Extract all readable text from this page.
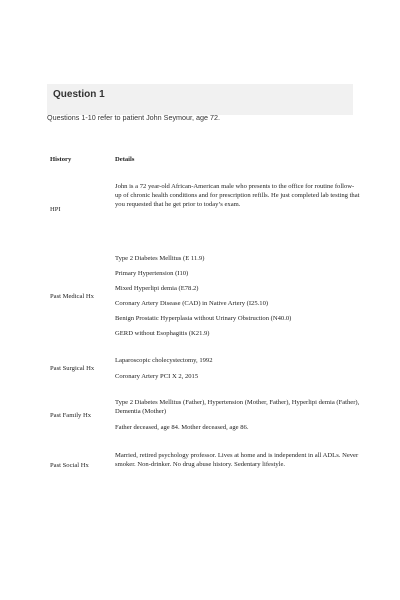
Question 1
Questions 1-10 refer to patient John Seymour, age 72.
History	Details
HPI
John is a 72 year-old African-American male who presents to the office for routine follow-up of chronic health conditions and for prescription refills. He just completed lab testing that you requested that he get prior to today’s exam.
Past Medical Hx
Type 2 Diabetes Mellitus (E 11.9)
Primary Hypertension (I10)
Mixed Hyperlipi demia (E78.2)
Coronary Artery Disease (CAD) in Native Artery (I25.10)
Benign Prostatic Hyperplasia without Urinary Obstruction (N40.0)
GERD without Esophagitis (K21.9)
Past Surgical Hx
Laparoscopic cholecystectomy, 1992
Coronary Artery PCI X 2, 2015
Past Family Hx
Type 2 Diabetes Mellitus (Father), Hypertension (Mother, Father), Hyperlipi demia (Father), Dementia (Mother)
Father deceased, age 84. Mother deceased, age 86.
Past Social Hx
Married, retired psychology professor. Lives at home and is independent in all ADLs. Never smoker. Non-drinker. No drug abuse history. Sedentary lifestyle.
